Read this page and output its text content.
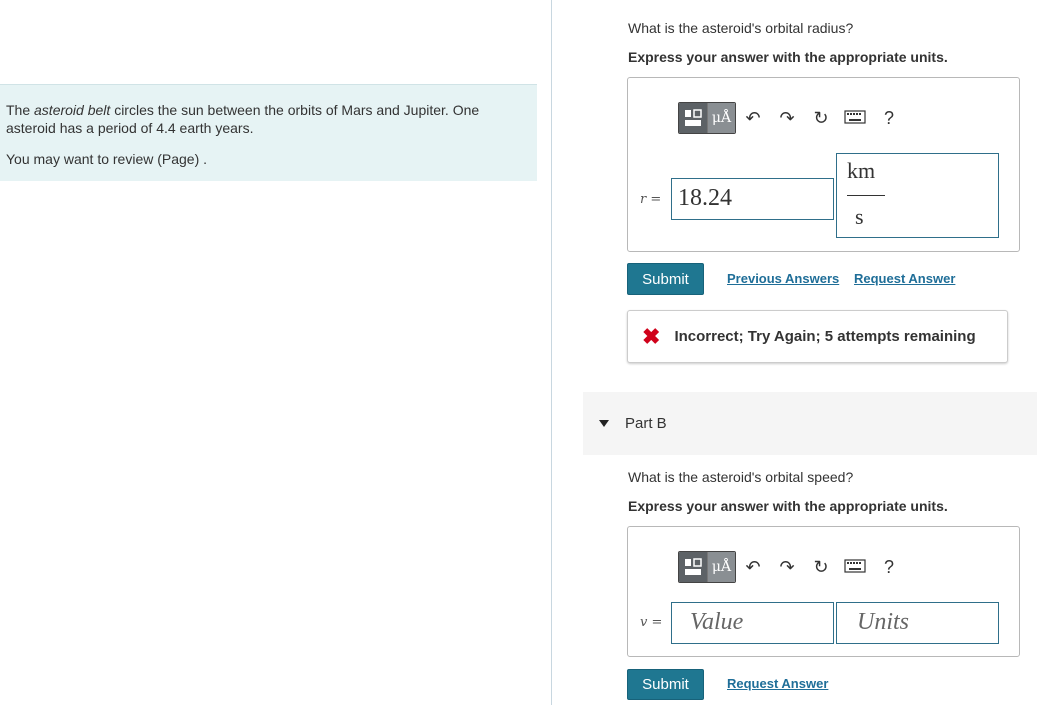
The asteroid belt circles the sun between the orbits of Mars and Jupiter. One asteroid has a period of 4.4 earth years.

You may want to review (Page) .

What is the asteroid's orbital radius?
Express your answer with the appropriate units.
μÅ ↶	↷	↻	?
r = 18.24
km
s
Submit	Previous Answers Request Answer
✖ Incorrect; Try Again; 5 attempts remaining
Part B
What is the asteroid's orbital speed?
Express your answer with the appropriate units.
μÅ ↶	↷	↻	?
v =	Value	Units
Submit	Request Answer
